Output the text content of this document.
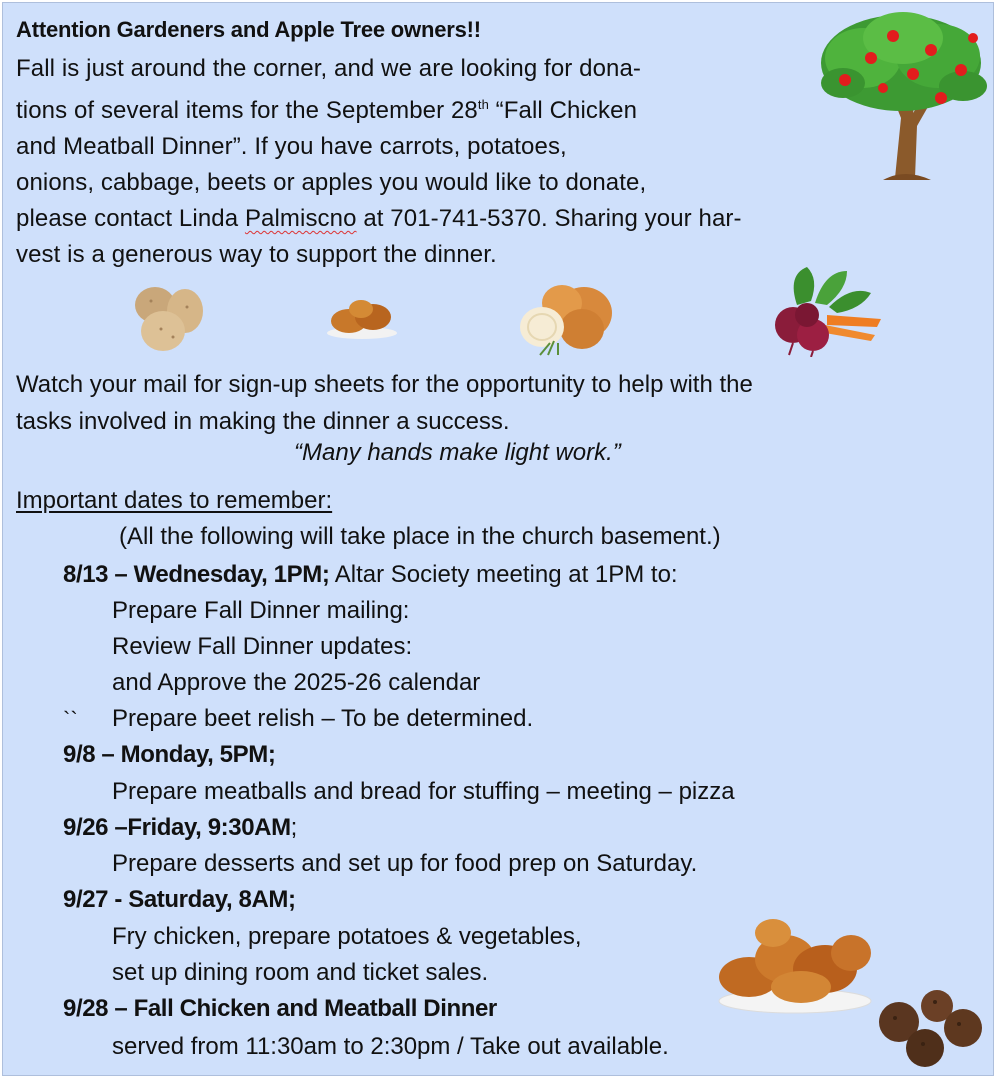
Attention Gardeners and Apple Tree owners!!
Fall is just around the corner, and we are looking for dona-
tions of several items for the September 28th “Fall Chicken
and Meatball Dinner”. If you have carrots, potatoes,
onions, cabbage, beets or apples you would like to donate,
please contact Linda Palmiscno at 701-741-5370. Sharing your har-
vest is a generous way to support the dinner.
Watch your mail for sign-up sheets for the opportunity to help with the
tasks involved in making the dinner a success.
“Many hands make light work.”
Important dates to remember:
(All the following will take place in the church basement.)
8/13 – Wednesday, 1PM; Altar Society meeting at 1PM to:
Prepare Fall Dinner mailing:
Review Fall Dinner updates:
and Approve the 2025-26 calendar
`` Prepare beet relish – To be determined.
9/8 – Monday, 5PM;
Prepare meatballs and bread for stuffing – meeting – pizza
9/26 –Friday, 9:30AM;
Prepare desserts and set up for food prep on Saturday.
9/27 - Saturday, 8AM;
Fry chicken, prepare potatoes & vegetables,
set up dining room and ticket sales.
9/28 – Fall Chicken and Meatball Dinner
served from 11:30am to 2:30pm / Take out available.
